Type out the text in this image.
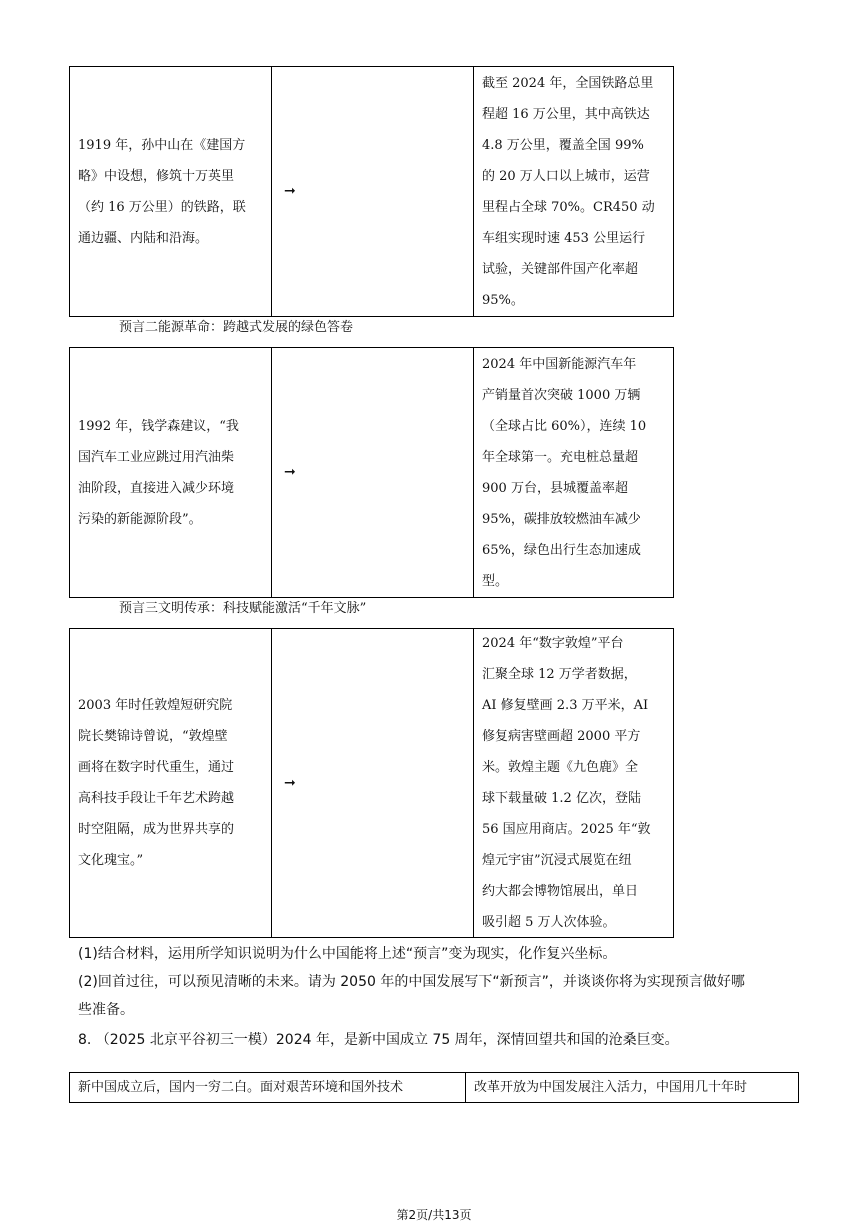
1919 年，孙中山在《建国方
略》中设想，修筑十万英里
（约 16 万公里）的铁路，联
通边疆、内陆和沿海。
➞
截至 2024 年，全国铁路总里
程超 16 万公里，其中高铁达
4.8 万公里，覆盖全国 99%
的 20 万人口以上城市，运营
里程占全球 70%。CR450 动
车组实现时速 453 公里运行
试验，关键部件国产化率超
95%。
预言二能源革命：跨越式发展的绿色答卷
1992 年，钱学森建议，“我
国汽车工业应跳过用汽油柴
油阶段，直接进入减少环境
污染的新能源阶段”。
➞
2024 年中国新能源汽车年
产销量首次突破 1000 万辆
（全球占比 60%），连续 10
年全球第一。充电桩总量超
900 万台，县城覆盖率超
95%，碳排放较燃油车减少
65%，绿色出行生态加速成
型。
预言三文明传承：科技赋能激活“千年文脉”
2003 年时任敦煌短研究院
院长樊锦诗曾说，“敦煌壁
画将在数字时代重生，通过
高科技手段让千年艺术跨越
时空阻隔，成为世界共享的
文化瑰宝。”
➞
2024 年“数字敦煌”平台
汇聚全球 12 万学者数据，
AI 修复壁画 2.3 万平米，AI
修复病害壁画超 2000 平方
米。敦煌主题《九色鹿》全
球下载量破 1.2 亿次，登陆
56 国应用商店。2025 年“敦
煌元宇宙”沉浸式展览在纽
约大都会博物馆展出，单日
吸引超 5 万人次体验。
(1)结合材料，运用所学知识说明为什么中国能将上述“预言”变为现实，化作复兴坐标。
(2)回首过往，可以预见清晰的未来。请为 2050 年的中国发展写下“新预言”，并谈谈你将为实现预言做好哪
些准备。
8. （2025 北京平谷初三一模）2024 年，是新中国成立 75 周年，深情回望共和国的沧桑巨变。
新中国成立后，国内一穷二白。面对艰苦环境和国外技术	改革开放为中国发展注入活力，中国用几十年时
第2页/共13页
